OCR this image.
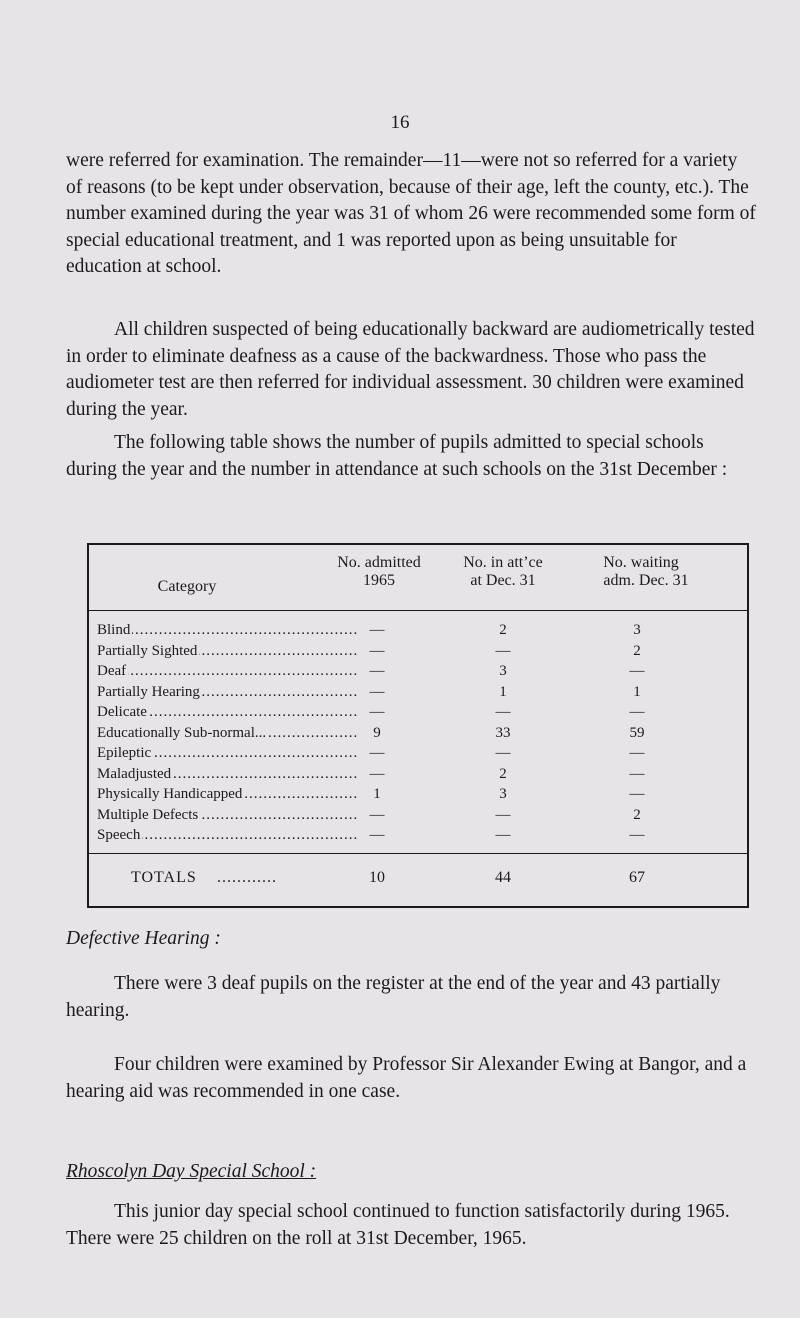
16

were referred for examination. The remainder—11—were not so referred for a variety of reasons (to be kept under observation, because of their age, left the county, etc.). The number examined during the year was 31 of whom 26 were recommended some form of special educational treatment, and 1 was reported upon as being unsuitable for education at school.

All children suspected of being educationally backward are audiometrically tested in order to eliminate deafness as a cause of the backwardness. Those who pass the audiometer test are then referred for individual assessment. 30 children were examined during the year.

The following table shows the number of pupils admitted to special schools during the year and the number in attendance at such schools on the 31st December :

Category
No. admitted
1965
No. in att’ce
at Dec. 31
No. waiting
adm. Dec. 31
Blind .....	—	2	3
Partially Sighted .....	—	—	2
Deaf .....	—	3	—
Partially Hearing .....	—	1	1
Delicate .....	—	—	—
Educationally Sub-normal... .....	9	33	59
Epileptic .....	—	—	—
Maladjusted .....	—	2	—
Physically Handicapped .....	1	3	—
Multiple Defects .....	—	—	2
Speech .....	—	—	—
TOTALS ............	10	44	67
Defective Hearing :

There were 3 deaf pupils on the register at the end of the year and 43 partially hearing.

Four children were examined by Professor Sir Alexander Ewing at Bangor, and a hearing aid was recommended in one case.

Rhoscolyn Day Special School :

This junior day special school continued to function satisfactorily during 1965. There were 25 children on the roll at 31st December, 1965.
